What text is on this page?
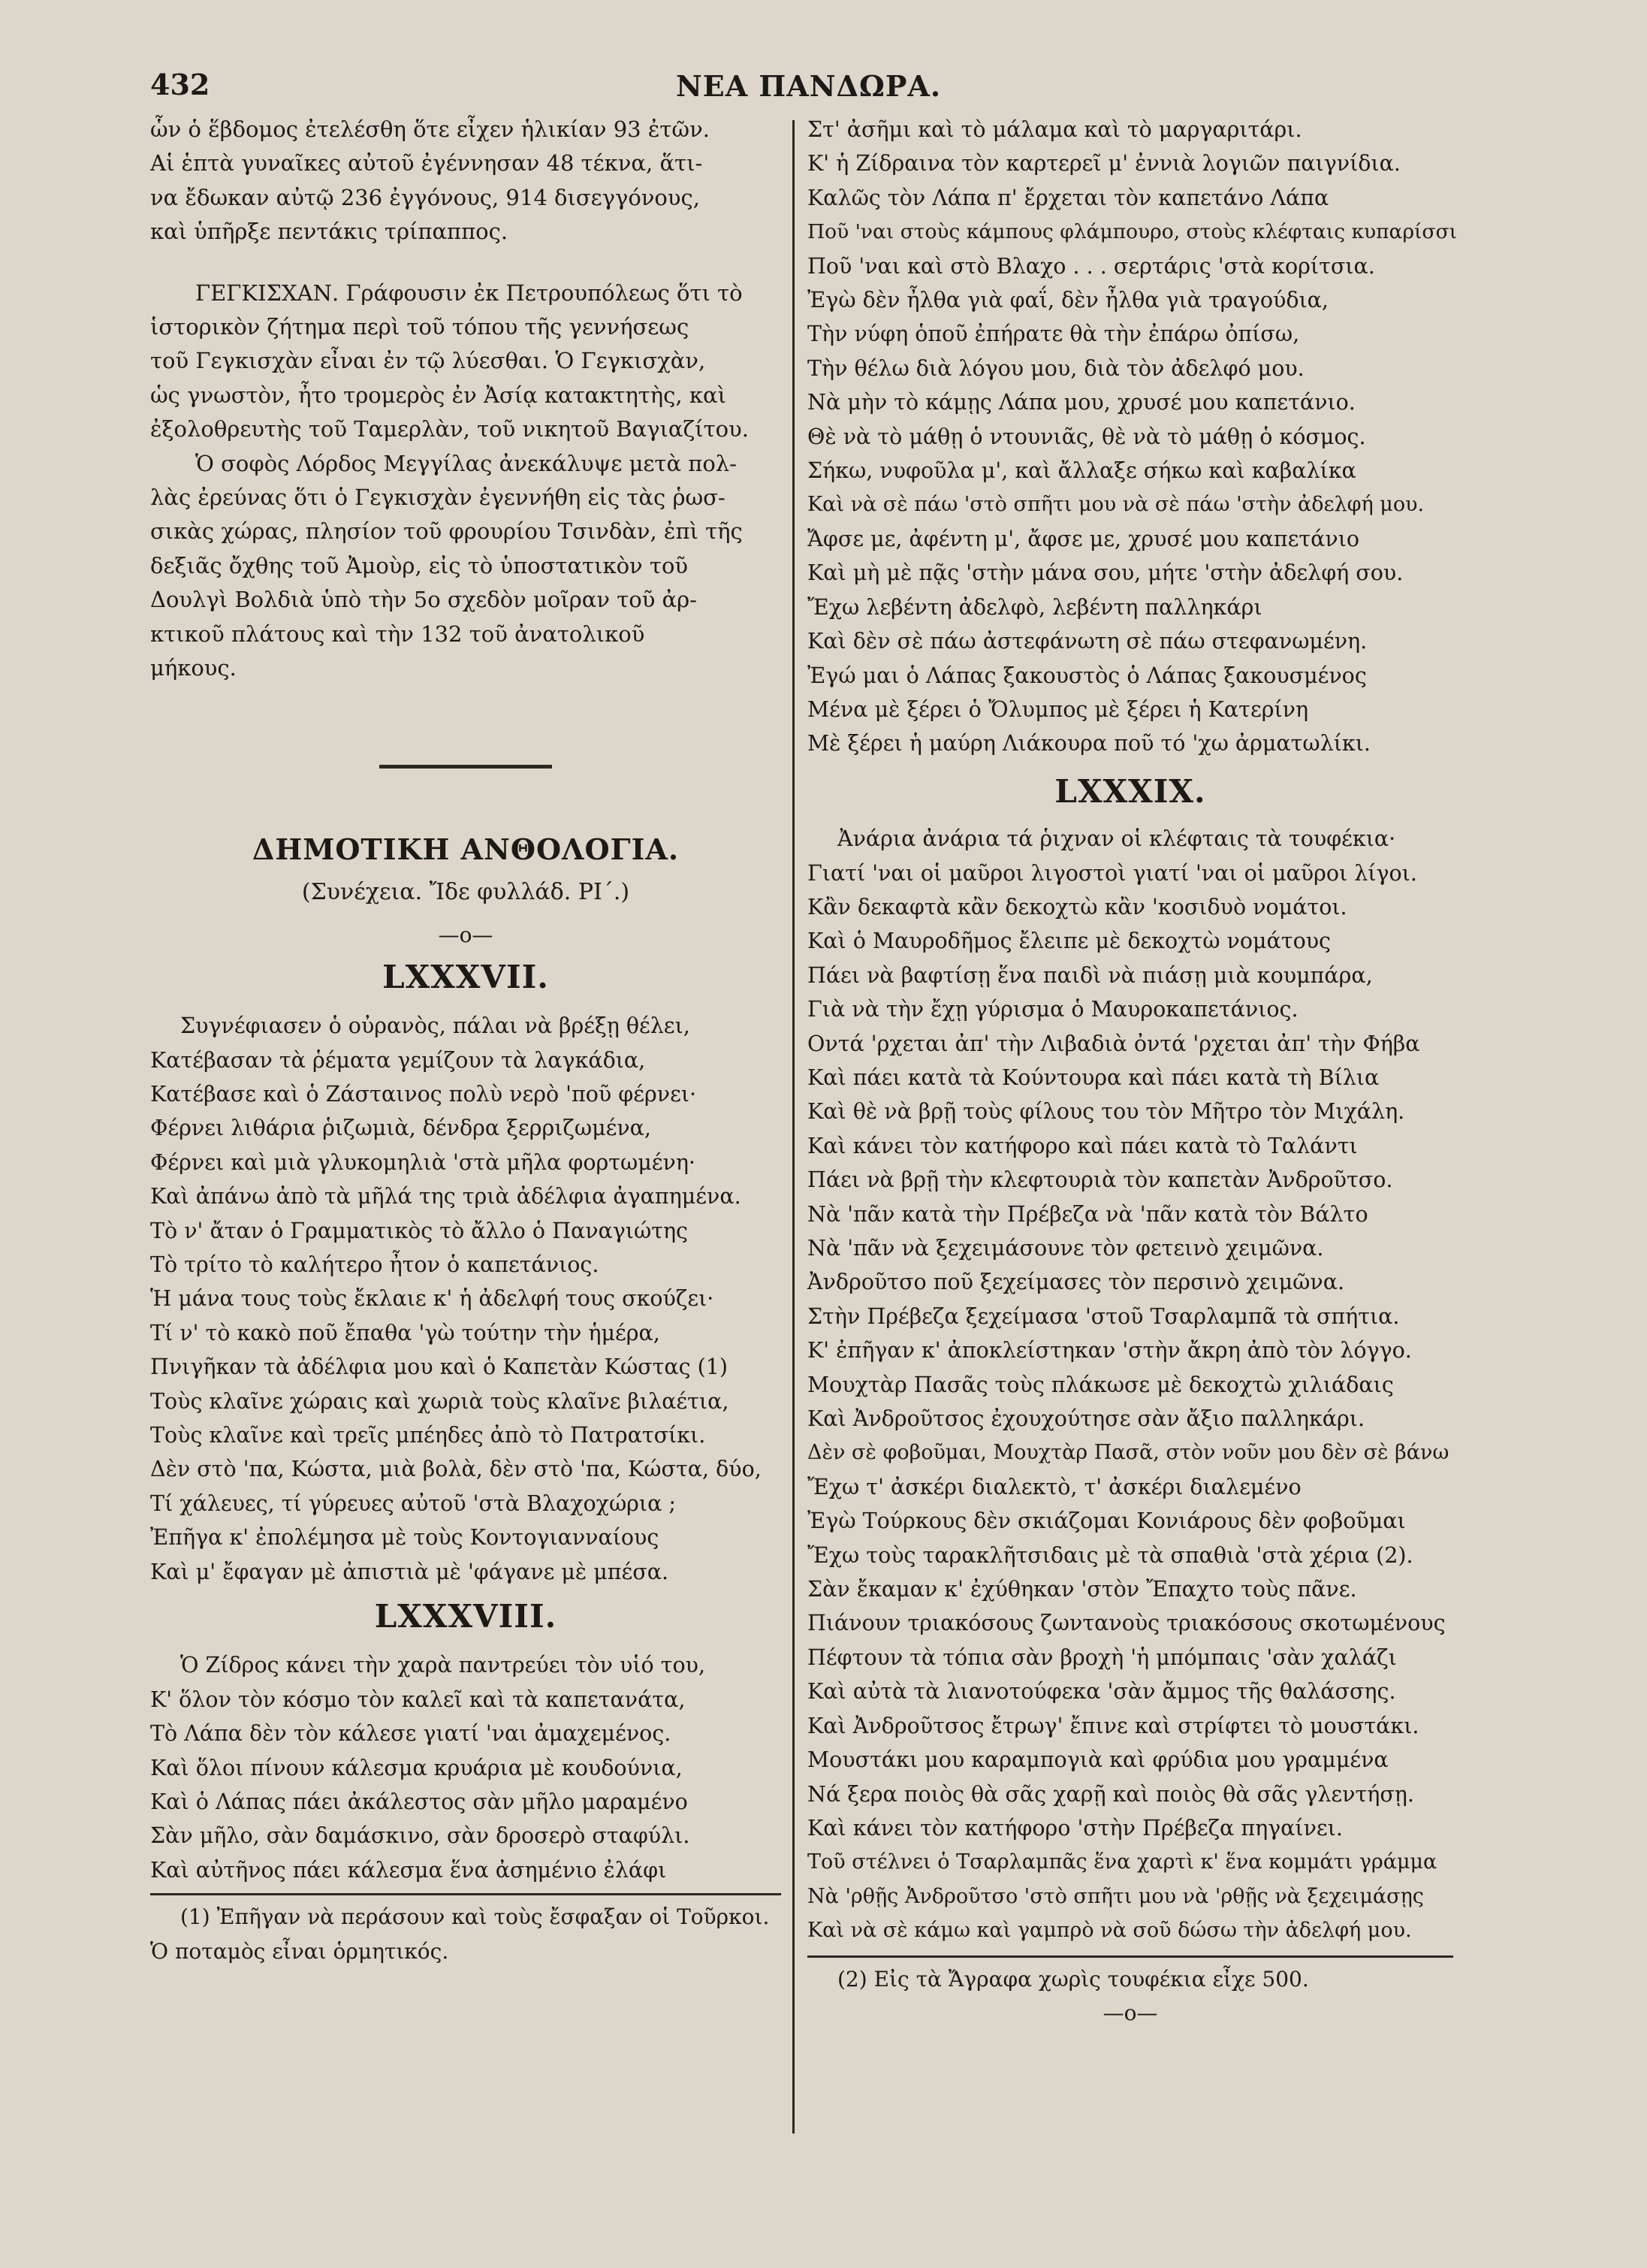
432	ΝΕΑ ΠΑΝΔΩΡΑ.

ὧν ὁ ἕβδομος ἐτελέσθη ὅτε εἶχεν ἡλικίαν 93 ἐτῶν.

Αἱ ἑπτὰ γυναῖκες αὐτοῦ ἐγέννησαν 48 τέκνα, ἅτι-

να ἔδωκαν αὐτῷ 236 ἐγγόνους, 914 δισεγγόνους,

καὶ ὑπῆρξε πεντάκις τρίπαππος.

ΓΕΓΚΙΣΧΑΝ. Γράφουσιν ἐκ Πετρουπόλεως ὅτι τὸ

ἱστορικὸν ζήτημα περὶ τοῦ τόπου τῆς γεννήσεως

τοῦ Γεγκισχὰν εἶναι ἐν τῷ λύεσθαι. Ὁ Γεγκισχὰν,

ὡς γνωστὸν, ἦτο τρομερὸς ἐν Ἀσίᾳ κατακτητὴς, καὶ

ἐξολοθρευτὴς τοῦ Ταμερλὰν, τοῦ νικητοῦ Βαγιαζίτου.

Ὁ σοφὸς Λόρδος Μεγγίλας ἀνεκάλυψε μετὰ πολ-

λὰς ἐρεύνας ὅτι ὁ Γεγκισχὰν ἐγεννήθη εἰς τὰς ῥωσ-

σικὰς χώρας, πλησίον τοῦ φρουρίου Τσινδὰν, ἐπὶ τῆς

δεξιᾶς ὄχθης τοῦ Ἀμοὺρ, εἰς τὸ ὑποστατικὸν τοῦ

Δουλγὶ Βολδιὰ ὑπὸ τὴν 5ο σχεδὸν μοῖραν τοῦ ἀρ-

κτικοῦ πλάτους καὶ τὴν 132 τοῦ ἀνατολικοῦ

μήκους.

ΔΗΜΟΤΙΚΗ ΑΝΘΟΛΟΓΙΑ.

(Συνέχεια. Ἴδε φυλλάδ. ΡΙ΄.)

—o—

LXXXVII.

Συγνέφιασεν ὁ οὐρανὸς, πάλαι νὰ βρέξῃ θέλει,

Κατέβασαν τὰ ῥέματα γεμίζουν τὰ λαγκάδια,

Κατέβασε καὶ ὁ Ζάσταινος πολὺ νερὸ 'ποῦ φέρνει·

Φέρνει λιθάρια ῥιζωμιὰ, δένδρα ξερριζωμένα,

Φέρνει καὶ μιὰ γλυκομηλιὰ 'στὰ μῆλα φορτωμένη·

Καὶ ἀπάνω ἀπὸ τὰ μῆλά της τριὰ ἀδέλφια ἀγαπημένα.

Τὸ ν' ἄταν ὁ Γραμματικὸς τὸ ἄλλο ὁ Παναγιώτης

Τὸ τρίτο τὸ καλήτερο ἦτον ὁ καπετάνιος.

Ἡ μάνα τους τοὺς ἔκλαιε κ' ἡ ἀδελφή τους σκούζει·

Τί ν' τὸ κακὸ ποῦ ἔπαθα 'γὼ τούτην τὴν ἡμέρα,

Πνιγῆκαν τὰ ἀδέλφια μου καὶ ὁ Καπετὰν Κώστας (1)

Τοὺς κλαῖνε χώραις καὶ χωριὰ τοὺς κλαῖνε βιλαέτια,

Τοὺς κλαῖνε καὶ τρεῖς μπέηδες ἀπὸ τὸ Πατρατσίκι.

Δὲν στὸ 'πα, Κώστα, μιὰ βολὰ, δὲν στὸ 'πα, Κώστα, δύο,

Τί χάλευες, τί γύρευες αὐτοῦ 'στὰ Βλαχοχώρια ;

Ἐπῆγα κ' ἐπολέμησα μὲ τοὺς Κοντογιανναίους

Καὶ μ' ἔφαγαν μὲ ἀπιστιὰ μὲ 'φάγανε μὲ μπέσα.

LXXXVIII.

Ὁ Ζίδρος κάνει τὴν χαρὰ παντρεύει τὸν υἱό του,

Κ' ὅλον τὸν κόσμο τὸν καλεῖ καὶ τὰ καπετανάτα,

Τὸ Λάπα δὲν τὸν κάλεσε γιατί 'ναι ἀμαχεμένος.

Καὶ ὅλοι πίνουν κάλεσμα κρυάρια μὲ κουδούνια,

Καὶ ὁ Λάπας πάει ἀκάλεστος σὰν μῆλο μαραμένο

Σὰν μῆλο, σὰν δαμάσκινο, σὰν δροσερὸ σταφύλι.

Καὶ αὐτῆνος πάει κάλεσμα ἕνα ἀσημένιο ἐλάφι

(1) Ἐπῆγαν νὰ περάσουν καὶ τοὺς ἔσφαξαν οἱ Τοῦρκοι.

Ὁ ποταμὸς εἶναι ὁρμητικός.

Στ' ἀσῆμι καὶ τὸ μάλαμα καὶ τὸ μαργαριτάρι.

Κ' ἡ Ζίδραινα τὸν καρτερεῖ μ' ἐννιὰ λογιῶν παιγνίδια.

Καλῶς τὸν Λάπα π' ἔρχεται τὸν καπετάνο Λάπα

Ποῦ 'ναι στοὺς κάμπους φλάμπουρο, στοὺς κλέφταις κυπαρίσσι

Ποῦ 'ναι καὶ στὸ Βλαχο . . . σερτάρις 'στὰ κορίτσια.

Ἐγὼ δὲν ἦλθα γιὰ φαΐ, δὲν ἦλθα γιὰ τραγούδια,

Τὴν νύφη ὁποῦ ἐπήρατε θὰ τὴν ἐπάρω ὀπίσω,

Τὴν θέλω διὰ λόγου μου, διὰ τὸν ἀδελφό μου.

Νὰ μὴν τὸ κάμῃς Λάπα μου, χρυσέ μου καπετάνιο.

Θὲ νὰ τὸ μάθῃ ὁ ντουνιᾶς, θὲ νὰ τὸ μάθῃ ὁ κόσμος.

Σήκω, νυφοῦλα μ', καὶ ἄλλαξε σήκω καὶ καβαλίκα

Καὶ νὰ σὲ πάω 'στὸ σπῆτι μου νὰ σὲ πάω 'στὴν ἀδελφή μου.

Ἄφσε με, ἀφέντη μ', ἄφσε με, χρυσέ μου καπετάνιο

Καὶ μὴ μὲ πᾷς 'στὴν μάνα σου, μήτε 'στὴν ἀδελφή σου.

Ἔχω λεβέντη ἀδελφὸ, λεβέντη παλληκάρι

Καὶ δὲν σὲ πάω ἀστεφάνωτη σὲ πάω στεφανωμένη.

Ἐγώ μαι ὁ Λάπας ξακουστὸς ὁ Λάπας ξακουσμένος

Μένα μὲ ξέρει ὁ Ὄλυμπος μὲ ξέρει ἡ Κατερίνη

Μὲ ξέρει ἡ μαύρη Λιάκουρα ποῦ τό 'χω ἀρματωλίκι.

LXXXIX.

Ἀνάρια ἀνάρια τά ῥιχναν οἱ κλέφταις τὰ τουφέκια·

Γιατί 'ναι οἱ μαῦροι λιγοστοὶ γιατί 'ναι οἱ μαῦροι λίγοι.

Κἂν δεκαφτὰ κἂν δεκοχτὼ κἂν 'κοσιδυὸ νομάτοι.

Καὶ ὁ Μαυροδῆμος ἔλειπε μὲ δεκοχτὼ νομάτους

Πάει νὰ βαφτίσῃ ἕνα παιδὶ νὰ πιάσῃ μιὰ κουμπάρα,

Γιὰ νὰ τὴν ἔχῃ γύρισμα ὁ Μαυροκαπετάνιος.

Οντά 'ρχεται ἀπ' τὴν Λιβαδιὰ ὀντά 'ρχεται ἀπ' τὴν Φήβα

Καὶ πάει κατὰ τὰ Κούντουρα καὶ πάει κατὰ τὴ Βίλια

Καὶ θὲ νὰ βρῇ τοὺς φίλους του τὸν Μῆτρο τὸν Μιχάλη.

Καὶ κάνει τὸν κατήφορο καὶ πάει κατὰ τὸ Ταλάντι

Πάει νὰ βρῇ τὴν κλεφτουριὰ τὸν καπετὰν Ἀνδροῦτσο.

Νὰ 'πᾶν κατὰ τὴν Πρέβεζα νὰ 'πᾶν κατὰ τὸν Βάλτο

Νὰ 'πᾶν νὰ ξεχειμάσουνε τὸν φετεινὸ χειμῶνα.

Ἀνδροῦτσο ποῦ ξεχείμασες τὸν περσινὸ χειμῶνα.

Στὴν Πρέβεζα ξεχείμασα 'στοῦ Τσαρλαμπᾶ τὰ σπήτια.

Κ' ἐπῆγαν κ' ἀποκλείστηκαν 'στὴν ἄκρη ἀπὸ τὸν λόγγο.

Μουχτὰρ Πασᾶς τοὺς πλάκωσε μὲ δεκοχτὼ χιλιάδαις

Καὶ Ἀνδροῦτσος ἐχουχούτησε σὰν ἄξιο παλληκάρι.

Δὲν σὲ φοβοῦμαι, Μουχτὰρ Πασᾶ, στὸν νοῦν μου δὲν σὲ βάνω

Ἔχω τ' ἀσκέρι διαλεκτὸ, τ' ἀσκέρι διαλεμένο

Ἐγὼ Τούρκους δὲν σκιάζομαι Κονιάρους δὲν φοβοῦμαι

Ἔχω τοὺς ταρακλῆτσιδαις μὲ τὰ σπαθιὰ 'στὰ χέρια (2).

Σὰν ἔκαμαν κ' ἐχύθηκαν 'στὸν Ἔπαχτο τοὺς πᾶνε.

Πιάνουν τριακόσους ζωντανοὺς τριακόσους σκοτωμένους

Πέφτουν τὰ τόπια σὰν βροχὴ 'ἡ μπόμπαις 'σὰν χαλάζι

Καὶ αὐτὰ τὰ λιανοτούφεκα 'σὰν ἄμμος τῆς θαλάσσης.

Καὶ Ἀνδροῦτσος ἔτρωγ' ἔπινε καὶ στρίφτει τὸ μουστάκι.

Μουστάκι μου καραμπογιὰ καὶ φρύδια μου γραμμένα

Νά ξερα ποιὸς θὰ σᾶς χαρῇ καὶ ποιὸς θὰ σᾶς γλεντήσῃ.

Καὶ κάνει τὸν κατήφορο 'στὴν Πρέβεζα πηγαίνει.

Τοῦ στέλνει ὁ Τσαρλαμπᾶς ἕνα χαρτὶ κ' ἕνα κομμάτι γράμμα

Νὰ 'ρθῇς Ἀνδροῦτσο 'στὸ σπῆτι μου νὰ 'ρθῇς νὰ ξεχειμάσῃς

Καὶ νὰ σὲ κάμω καὶ γαμπρὸ νὰ σοῦ δώσω τὴν ἀδελφή μου.

(2) Εἰς τὰ Ἄγραφα χωρὶς τουφέκια εἶχε 500.

—o—
